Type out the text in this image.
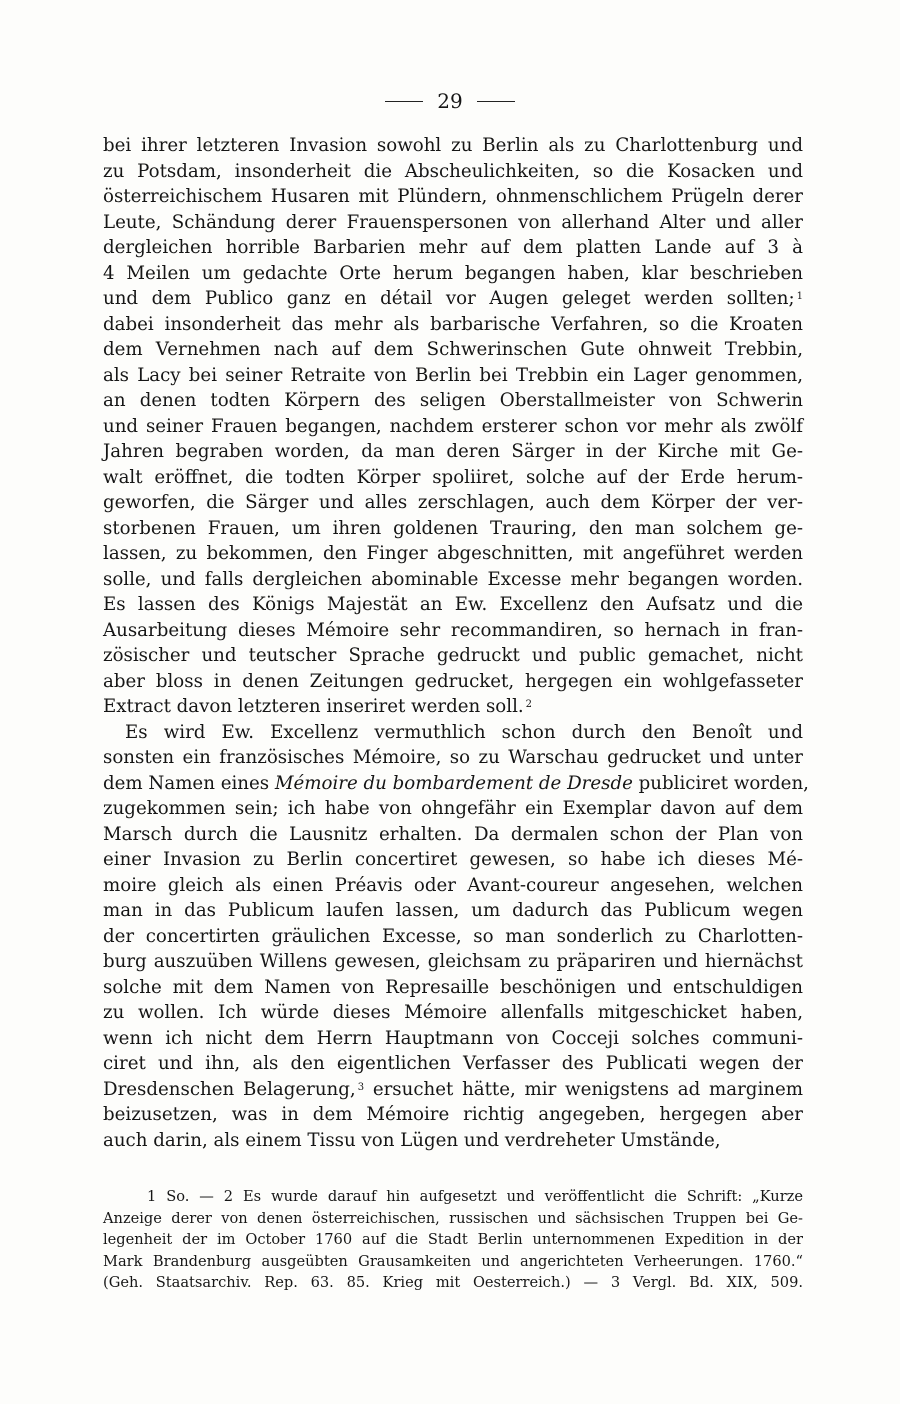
29
bei ihrer letzteren Invasion sowohl zu Berlin als zu Charlottenburg und
zu Potsdam, insonderheit die Abscheulichkeiten, so die Kosacken und
österreichischem Husaren mit Plündern, ohnmenschlichem Prügeln derer
Leute, Schändung derer Frauenspersonen von allerhand Alter und aller
dergleichen horrible Barbarien mehr auf dem platten Lande auf 3 à
4 Meilen um gedachte Orte herum begangen haben, klar beschrieben
und dem Publico ganz en détail vor Augen geleget werden sollten; $^1$
dabei insonderheit das mehr als barbarische Verfahren, so die Kroaten
dem Vernehmen nach auf dem Schwerinschen Gute ohnweit Trebbin,
als Lacy bei seiner Retraite von Berlin bei Trebbin ein Lager genommen,
an denen todten Körpern des seligen Oberstallmeister von Schwerin
und seiner Frauen begangen, nachdem ersterer schon vor mehr als zwölf
Jahren begraben worden, da man deren Särger in der Kirche mit Ge-
walt eröffnet, die todten Körper spoliiret, solche auf der Erde herum-
geworfen, die Särger und alles zerschlagen, auch dem Körper der ver-
storbenen Frauen, um ihren goldenen Trauring, den man solchem ge-
lassen, zu bekommen, den Finger abgeschnitten, mit angeführet werden
solle, und falls dergleichen abominable Excesse mehr begangen worden.
Es lassen des Königs Majestät an Ew. Excellenz den Aufsatz und die
Ausarbeitung dieses Mémoire sehr recommandiren, so hernach in fran-
zösischer und teutscher Sprache gedruckt und public gemachet, nicht
aber bloss in denen Zeitungen gedrucket, hergegen ein wohlgefasseter
Extract davon letzteren inseriret werden soll. $^2$
Es wird Ew. Excellenz vermuthlich schon durch den Benoît und
sonsten ein französisches Mémoire, so zu Warschau gedrucket und unter
dem Namen eines Mémoire du bombardement de Dresde publiciret worden,
zugekommen sein; ich habe von ohngefähr ein Exemplar davon auf dem
Marsch durch die Lausnitz erhalten. Da dermalen schon der Plan von
einer Invasion zu Berlin concertiret gewesen, so habe ich dieses Mé-
moire gleich als einen Préavis oder Avant-coureur angesehen, welchen
man in das Publicum laufen lassen, um dadurch das Publicum wegen
der concertirten gräulichen Excesse, so man sonderlich zu Charlotten-
burg auszuüben Willens gewesen, gleichsam zu präpariren und hiernächst
solche mit dem Namen von Represaille beschönigen und entschuldigen
zu wollen. Ich würde dieses Mémoire allenfalls mitgeschicket haben,
wenn ich nicht dem Herrn Hauptmann von Cocceji solches communi-
ciret und ihn, als den eigentlichen Verfasser des Publicati wegen der
Dresdenschen Belagerung, $^3$ ersuchet hätte, mir wenigstens ad marginem
beizusetzen, was in dem Mémoire richtig angegeben, hergegen aber
auch darin, als einem Tissu von Lügen und verdreheter Umstände,
1 So. — 2 Es wurde darauf hin aufgesetzt und veröffentlicht die Schrift: „Kurze
Anzeige derer von denen österreichischen, russischen und sächsischen Truppen bei Ge-
legenheit der im October 1760 auf die Stadt Berlin unternommenen Expedition in der
Mark Brandenburg ausgeübten Grausamkeiten und angerichteten Verheerungen. 1760.“
(Geh. Staatsarchiv. Rep. 63. 85. Krieg mit Oesterreich.) — 3 Vergl. Bd. XIX, 509.
